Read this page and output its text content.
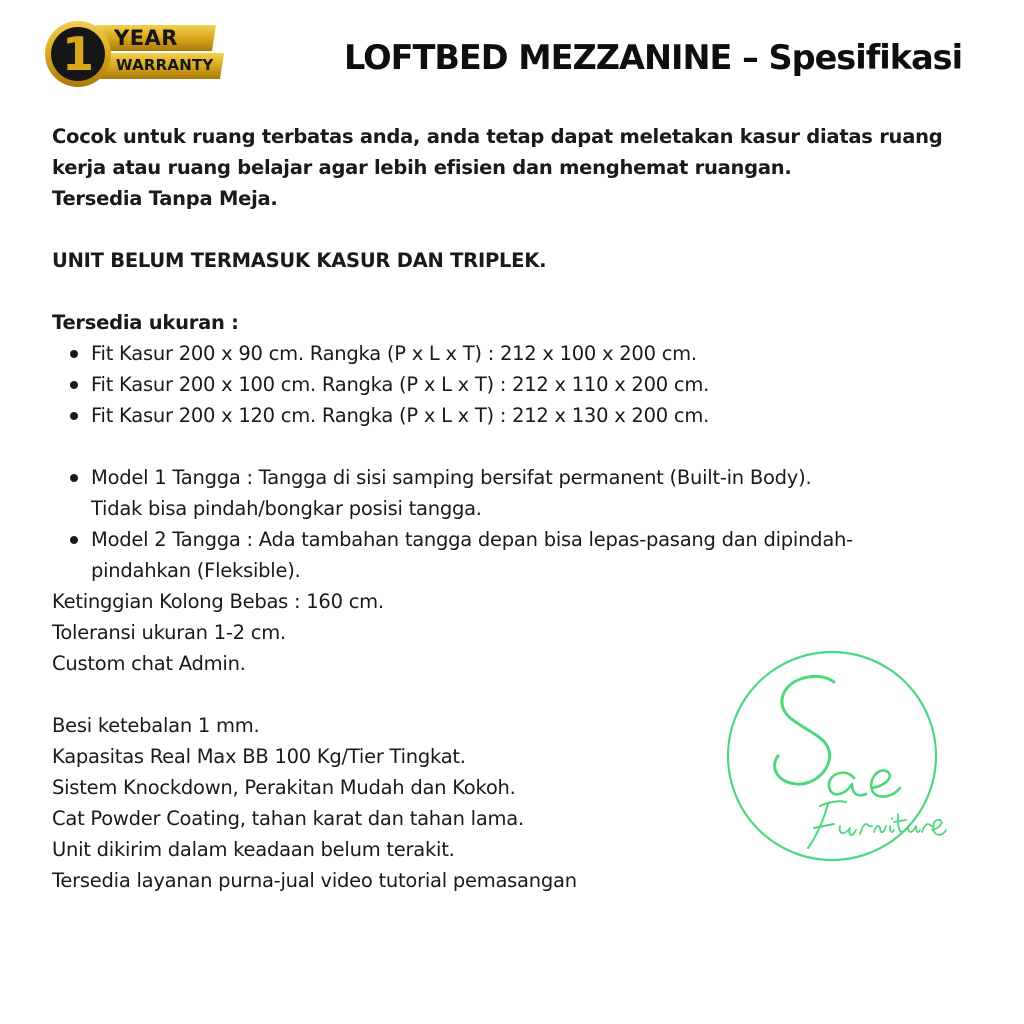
1 YEAR
WARRANTY	LOFTBED MEZZANINE – Spesifikasi

Cocok untuk ruang terbatas anda, anda tetap dapat meletakan kasur diatas ruang

kerja atau ruang belajar agar lebih efisien dan menghemat ruangan.

Tersedia Tanpa Meja.

UNIT BELUM TERMASUK KASUR DAN TRIPLEK.

Tersedia ukuran :

Fit Kasur 200 x 90 cm. Rangka (P x L x T) : 212 x 100 x 200 cm.
Fit Kasur 200 x 100 cm. Rangka (P x L x T) : 212 x 110 x 200 cm.
Fit Kasur 200 x 120 cm. Rangka (P x L x T) : 212 x 130 x 200 cm.

Model 1 Tangga : Tangga di sisi samping bersifat permanent (Built-in Body).

Tidak bisa pindah/bongkar posisi tangga.

Model 2 Tangga : Ada tambahan tangga depan bisa lepas-pasang dan dipindah-

pindahkan (Fleksible).

Ketinggian Kolong Bebas : 160 cm.

Toleransi ukuran 1-2 cm.

Custom chat Admin.

Besi ketebalan 1 mm.

Kapasitas Real Max BB 100 Kg/Tier Tingkat.

Sistem Knockdown, Perakitan Mudah dan Kokoh.

Cat Powder Coating, tahan karat dan tahan lama.

Unit dikirim dalam keadaan belum terakit.

Tersedia layanan purna-jual video tutorial pemasangan
